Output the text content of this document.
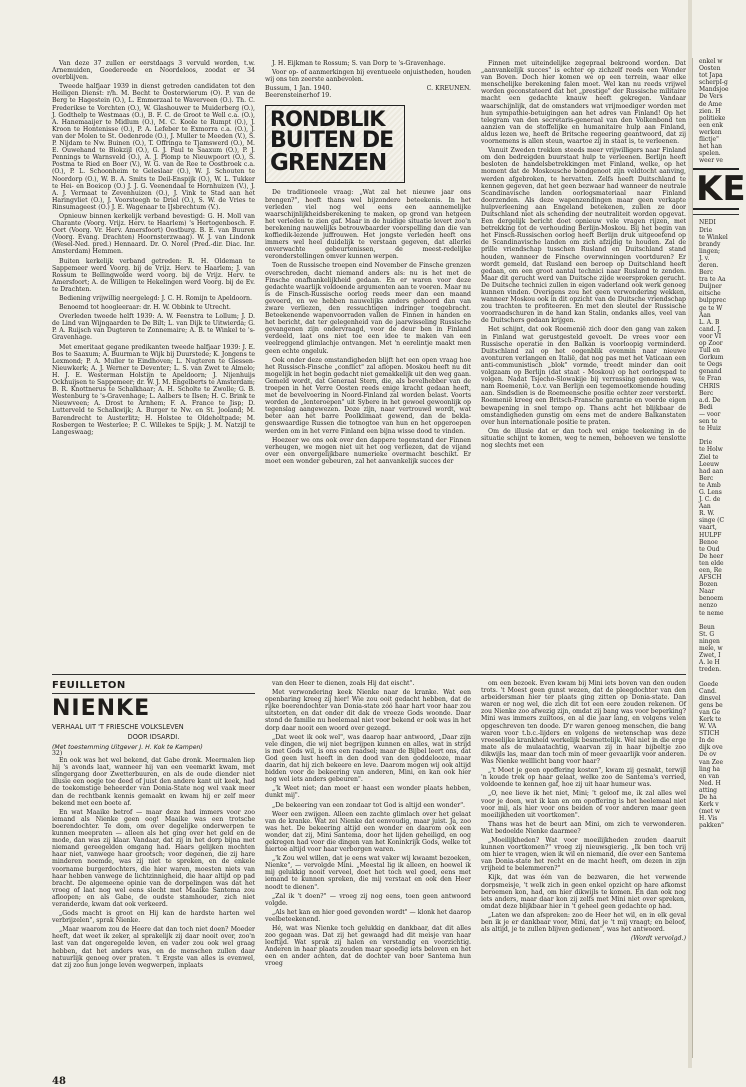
Van deze 37 zullen er eerstdaags 3 vervuld worden, t.w. Arnemuiden, Goedereede en Noordeloos, zoodat er 34 overblijven.

Tweede halfjaar 1939 in dienst getreden candidaten tot den Heiligen Dienst: r/h. M. Becht te Oosterwierum (O). P. van de Berg te Hagestein (O.), L. Emmerzaal te Waverveen (O.). Th. C. Frederikse te Vorchten (O.), W. Glashouwer te Muiderberg (O.), J. Godthelp te Westmaas (O.), B. F. C. de Groot te Well c.a. (O.), A. Hanemaaijer te Midlum (O.), M. C. Koole te Rumpt (O.), J. Kroon te Hontenisse (O.), P. A. Lefeber te Exmorra c.a. (O.), J. van der Molen te St. Oedenrode (O.), J. Muller te Meeden (V.), S. P. Nijdam te Nw. Buinen (O.), T. Offringa te Tjamswerd (O.), M. E. Ouwehand te Biokzijl (O.), G. J. Paul te Saaxum (O.), P. J. Pennings te Warnsveld (O.), A. J. Plomp te Nieuwpoort (O.), S. Postma te Ried en Boer (V.), W. G. van de Ree te Oostbroek c.a. (O.), P. L. Schoonheim te Geleslaar (O.), W. J. Schouten te Noordorp (O.), W. B. A. Smits te Deil-Enspijk (O.), W. L. Tukker te Hei- en Boeicop (O.) J. J. G. Veenendaal te Hornhuizen (V.), J. A. J. Vermaat te Zevenhuizen (O.), J. Vink te Stad aan het Haringvliet (O.), J. Voorsteegh te Driel (O.), S. W. de Vries te Rinsumageest (O.) J. E. Wagenaar te IJsbrechtum (V.).

Opnieuw binnen kerkelijk verband bevestigd: G. H. Moll van Charante (Voorg. Vrijz. Herv. te Haarlem) 's Hertogenbosch. F. Oort (Voorg. Vr. Herv. Amersfoort) Oostburg. B. E. van Buuren (Voorg. Evang. Drachten) Hoornsterzwaag). W. J. van Lindonk (Wesel-Ned. pred.) Hennaard. Dr. O. Norel (Pred.-dir. Diac. Inr. Amsterdam) Hemmen.

Buiten kerkelijk verband getreden: R. H. Oldeman te Sappemeer werd Voorg. bij de Vrijz. Herv. te Haarlem; J. van Rossum te Bellingwolde werd voorg. bij de Vrijz. Herv. te Amersfoort; A. de Willigen te Hekelingen werd Voorg. bij de Ev. te Drachten.

Bediening vrijwillig neergelegd: J. C. H. Romijn te Apeldoorn.

Benoemd tot hoogleeraar: dr. H. W. Obbink te Utrecht.

Overleden tweede helft 1939: A. W. Feenstra te Lollum; J. D. de Lind van Wijngaarden te De Bilt; L. van Dijk te Uitwierda; G. P. A. Ruijsch van Dugteren te Zonnemaire; A. B. te Winkel te 's-Gravenhage.

Met emeritaat gegane predikanten tweede halfjaar 1939: J. E. Bos te Saaxum; A. Buurman te Wijk bij Duurstede; K. Jongens te Lexmond; P. A. Muller te Eindhoven; L. Nugteren te Giessen-Nieuwkerk; A. J. Werner te Deventer; L. S. van Zwet te Almelo; H. J. E. Westerman Holstijn te Apeldoorn; J. Nijenhuijs Ockhuijsen te Sappemeer; dr. W. J. M. Engelberts te Amsterdam; B. R. Knottnerus te Schalkhaar; A. H. Scholte te Zwolle; G. B. Westenburg te 's-Gravenhage; L. Aalbers te Ilsen; H. C. Brink te Nieuwveen; A. Drost te Arnhem; F. A. France te Jisp; D. Lutterveld te Schalkwijk; A. Burger te Nw. en St. Jooland; M. Barendrecht te Austerlitz; H. Holstee te Oldeholtpade; M. Rosbergen te Westerlee; P. C. Willekes te Spijk; J. M. Natzijl te Langeswaag;

J. H. Eijkman te Rossum; S. van Dorp te 's-Gravenhage.

Voor op- of aanmerkingen bij eventueele onjuistheden, houden wij ons ten zeerste aanbevolen.

Bussum, 1 Jan. 1940.	C. KREUNEN.
Beerensteinerhof 19.
RONDBLIK
BUITEN DE
GRENZEN

De traditioneele vraag: „Wat zal het nieuwe jaar ons brengen?", heeft thans wel bijzondere beteekenis. In het verleden viel nog wel eens een aannemelijke waarschijnlijkheidsberekening te maken, op grond van hetgeen het verleden te zien gaf. Maar in de huidige situatie levert zoo'n berekening nauwelijks betrouwbaarder voorspelling dan die van koffiedik-lezende juffrouwen. Het jongste verleden heeft ons immers wel heel duidelijk te verstaan gegeven, dat allerlei onverwachte gebeurtenissen, de meest-redelijke veronderstellingen omver kunnen werpen.

Toen de Russische troepen eind November de Finsche grenzen overschreden, dacht niemand anders als: nu is het met de Finsche onafhankelijkheid gedaan. En er waren voor deze gedachte waarlijk voldoende argumenten aan te voeren. Maar nu is de Finsch-Russische oorlog reeds meer dan een maand gevoerd, en we hebben nauwelijks anders gehoord dan van zware verliezen, den ressuchtigen indringer toegebracht. Beteekenende wapenvoorraden vallen de Finnen in handen en het bericht, dat ter gelegenheid van de jaarwisseling Russische gevangenen zijn ondervraagd, voor de deur ben in Finland verdeeld, laat ons niet toe een idee te maken van een veelreggend glimlachje ontvangen. Met 'n eerelintje maakt men geen echte ongeluk.

Ook onder deze omstandigheden blijft het een open vraag hoe het Russisch-Finsche „conflict" zal aflopen. Moskou heeft nu dit mogelijk in het begin gedacht niet gemakkelijk uit den weg gaan. Gemeld wordt, dat Generaal Stern, die, als bevelhebber van de troepen in het Verre Oosten reeds enige kracht gedaan heeft, met de bevelvoering in Noord-Finland zal worden belast. Voorts worden de „lenteroepen" uit Sybere in het gewoel gewoonlijk op tegenslag aangewezen. Doze zijn, naar vertrouwd wordt, wat beter aan het barre Poolklimaat gewend, dan de bekla-genswaardige Russen die totnogtoe van hun en het opgeroepen werden om in het verre Finland een bijna wisse dood te vinden.

Hoezeer we ons ook over den dappere tegenstand der Finnen verheugen, we mogen niet uit het oog verliezen, dat de vijand over een onvergelijkbare numerieke overmacht beschikt. Er moet een wonder gebeuren, zal het aanvankelijk succes der

Finnen met uiteindelijke zegepraal bekroond worden. Dat „aanvankelijk succes" is echter op zichzelf reeds een Wonder van Boven. Doch hier komen we op een terrein, waar elke menschelijke berekening falen moet. Wel kan nu reeds vrijwel worden geconstateerd dat het „prestige" der Russische militaire macht een gedachte knauw heeft gekregen. Vandaar waarschijnlijk, dat de omstanders wat vrijmoediger worden met hun sympathie-betuigingen aan het adres van Finland! Op het telegram van den secretaris-generaal van den Volkenbond ten aanzien van de stoffelijke en humanitaire hulp aan Finland, aldus lezen we, heeft de Britsche regeering geantwoord, dat zij voornemens is allen steun, waartoe zij in staat is, te verleenen.

Vanuit Zweden trekken steeds meer vrijwilligers naar Finland om den bedreigden buurstaat hulp te verleenen. Berlijn heeft besloten de handelsbetrekkingen met Finland, welke, op het moment dat de Moskousche bondgenoot zijn veldtocht aanving, werden afgebroken, te hervatten. Zelfs heeft Duitschland te kennen gegeven, dat het geen bezwaar had wanneer de neutrale Scandinavische landen oorlogsmateriaal naar Finland doorzenden. Als deze wapenzendingen maar geen verkapte hulpverleening aan Engeland betekenen, zullen ze door Duitschland niet als schending der neutraliteit worden opgevat. Een dergelijk bericht doet opnieuw vele vragen rijzen, met betrekking tot de verhouding Berlijn-Moskou. Bij het begin van het Finsch-Russischen oorlog heeft Berlijn druk uitgeoefend op de Scandinavische landen om zich afzijdig te houden. Zal de prille vriendschap tusschen Rusland en Duitschland stand houden, wanneer de Finsche overwinningen voortduren? Er wordt gemeld, dat Rusland een beroep op Duitschland heeft gedaan, om een groot aantal technici naar Rusland te zenden. Maar dit gerucht werd van Duitsche zijde weersproken gerucht. De Duitsche technici zullen in eigen vaderland ook werk genoeg kunnen vinden. Overigens zou het geen verwondering wekken, wanneer Moskou ook in dit opzicht van de Duitsche vriendschap zou trachten te profiteeren. En met den sleutel der Russische voorraadschuren in de hand kan Stalin, ondanks alles, veel van de Duitschers gedaan krijgen.

Het schijnt, dat ook Roemenië zich door den gang van zaken in Finland wat gerustgesteld gevoelt. De vrees voor een Russische operatie in den Balkan is voorloopig verminderd. Duitschland zal op het oogenblik evenmin naar nieuwe avonturen verlangen en Italië, dat nog pas met het Vaticaan een anti-communistisch „blok" vormde, treedt minder dan ooit volgzaam op Berlijn (dat staat - Moskou) op het oorlogspad te volgen. Nadat Tsjecho-Slowakije bij verrassing genomen was, nam Roemenië, t.o.v. van Berlijn een tegemoetkomende houding aan. Sindsdien is de Roemeensche positie echter zeer versterkt. Roemenië kreeg een Britsch-Fransche garantie en voerde eigen bewapening in snel tempo op. Thans acht het blijkbaar de omstandigheden gunstig om eens met de andere Balkanstaten over hun internationale positie te praten.

Om de illusie dat er dan toch wel enige teekening in de situatie schijnt te komen, weg te nemen, behoeven we tenslotte nog slechts met een

FEUILLETON
NIENKE
VERHAAL UIT 'T FRIESCHE VOLKSLEVEN
DOOR IDSARDI.
(Met toestemming Uitgever J. H. Kok te Kampen)
32)

En ook was het wel bekend, dat Gabe dronk. Meermalen liep hij 's avonds laat, wanneer hij van een veemarkt kwam, met slingergang door Zwetterbuuren, en als de oude diender niet illusie een oogje toe deed of juist den andere kant uit keek, had de toekomstige beheerder van Donia-State nog wel vaak meer dan de rechtbank kennis gemaakt en kwam hij er zelf meer bekend met een boete af.

En wat Maaike betrof — maar deze had immers voor zoo iemand als Nienke geen oog! Maaike was een trotsche boerendochter. Te dom, om over degelijke onderwerpen te kunnen meepraten — alleen als het ging over het geld en de mode, dan was zij klaar. Vandaar, dat zij in het dorp bijna met niemand gereegelden omgang had. Haars gelijken mochten haar niet, vanwege haar grootsch; voor degenen, die zij hare minderen noemde, was zij niet te spreken, en de enkele voorname burgerdochters, die hier waren, moesten niets van haar hebben vanwege de lichtzinnigheid, die haar altijd op pad bracht. De algemeene opinie van de dorpelingen was dat het vroeg of laat nog wel eens slecht met Maaike Santema zou afloopen; en als Gabe, de oudste stamhouder, zich niet veranderde, kwam dat ook verkeerd.

„Gods macht is groot en Hij kan de hardste harten wel verbrijzelen", sprak Nienke.

„Maar waarom zou de Heere dat dan toch niet doen? Moeder heeft, dat weet ik zeker, al sprakelijk zij daar nooit over, zoo'n last van dat ongeregelde leven, en vader zou ook wel graag hebben, dat het anders was, en de menschen zullen daar natuurlijk genoeg over praten. 't Ergste van alles is evenwel, dat zij zoo hun jonge leven wegwerpen, inplaats

van den Heer te dienen, zoals Hij dat eischt".

Met verwondering keek Nienke naar de kranke. Wat een openbaring kreeg zij hier! Wie zou ooit gedacht hebben, dat de rijke boerendochter van Donia-state zóó haar hart voor haar zou uitstorten, en dat onder dit dak de vreeze Gods woonde. Daar stond de familie nu heelemaal niet voor bekend er ook was in het dorp daar nooit een woord over gezegd.

„Dat weet ik ook wel", was daarop haar antwoord, „Daar zijn vele dingen, die wij niet begrijpen kunnen en alles, wat in strijd is met Gods wil, is ons een raadsel; maar de Bijbel leert ons, dat God geen lust heeft in den dood van den goddelooze, maar daarin, dat hij zich bekeere en leve. Daarom mogen wij ook altijd bidden voor de bekeering van anderen, Mini, en kan ook hier nog wel iets anders gebeuren".

„'k Weet niet; dan moet er haast een wonder plaats hebben, dunkt mij".

„De bekeering van een zondaar tot God is altijd een wonder".

Weer een zwijgen. Alleen een zachte glimlach over het gelaat van de kranke. Wat zei Nienke dat eenvoudig, maar juist. Ja, zoo was het. De bekeering altijd een wonder en daarom ook een wonder, dat zij, Mini Santema, door het lijden geheiligd, en oog gekregen had voor die dingen van het Koninkrijk Gods, welke tot hiertoe altijd voor haar verborgen waren.

„'k Zou wel willen, dat je eens wat vaker wij kwaamt bezoeken, Nienke", — vervolgde Mini. „Meestal lig ik alleen, en hoewel ik mij gelukkig nooit verveel, doet het toch wel goed, eens met iemand te kunnen spreken, die mij verstaat en ook den Heer noodt te dienen".

„Zal ik 't doen?" — vroeg zij nog eens, toen geen antwoord volgde.

„Als het kan en hier goed gevonden wordt" — klonk het daarop veelbeteekenend.

Hé, wat was Nienke toch gelukkig en dankbaar, dat dit alles zoo gegaan was. Dat zij het gewaagd had dit meisje van haar leeftijd. Wat sprak zij halen en verstandig en voorzichtig. Anderen in haar plaats zouden maar spoedig iets beloven en het een en ander achten, dat de dochter van boer Santema hun vroeg

om een bezoek. Even kwam bij Mini iets boven van den ouden trots. 't Moest geen gunst wezen, dat de pleegdochter van den arbeidersman hier ter plaats ging zitten op Donia-state. Dan waren er nog wel, die zich dit tot een eere zouden rekenen. Of zou Nienke zoo afwezig zijn, omdat zij bang was voor beperking? Mini was immers zuiltoos, en al die jaar lang, en volgens velen opgeschreven ten doode. D'r waren genoeg menschen, die bang waren voor t.b.c.-lijders en volgens de wetenschap was deze vreeselijke krankheid werkelijk besmettelijk. Wel niet in die erge mate als de mulaatachtig, waarvan zij in haar bijbeltje zoo dikwijls las, maar dan toch min of meer gevaarlijk voor anderen. Was Nienke welllicht bang voor haar?

„'t Moet je geen opoffering kosten", kwam zij gesnakt, terwijl 'n koude trek op haar gelaat, welke zoo de Santema's verried, voldoende te kennen gaf, hoe zij uit haar humeur was.

„O, nee lieve ik het niet, Mini; 't geloof me, ik zal alles wel voor je doen, wat ik kan en om opoffering is het heelemaal niet voor mij, als hier voor ons beiden of voor anderen maar geen moeilijkheden uit voortkomen".

Thans was het de beurt aan Mini, om zich te verwonderen. Wat bedoelde Nienke daarmee?

„Moeilijkheden? Wat voor moeilijkheden zouden daaruit kunnen voortkomen?" vroeg zij nieuwsgierig. „Ik ben toch vrij om hier te vragen, wien ik wil en niemand, die over een Santema van Donia-state het recht en de macht heeft, om dezen in zijn vrijheid te belemmeren?"

Kijk, dat was één van de bezwaren, die het verwende dorpsmeisje, 't welk zich in geen enkel opzicht op hare afkomst beroemen kon, had, om hier dikwijls te komen. En dan ook nog iets anders, maar daar kon zij zelfs met Mini niet over spreken, omdat deze blijkbaar hier in 't geheel geen gedachte op had.

„Laten we dan afspreken: zoo de Heer het wil, en in elk geval ben ik je er dankbaar voor, Mini, dat je 't mij vraagt; en beloof, als altijd, je te zullen blijven gedienen", was het antwoord.

(Wordt vervolgd.)
48
enkel w
Oosten
tot Japa
scherpI-g
Mandsjoe
De Vers
de Ame
zien. H
politieke
een enk
werken
flictje"
het han
spelen.
weer ve
KE
NEDI
Drie
te Winkel
brandy
lingen;
J. v.
deren.
Berc
tra te Aa
Duijner
eitsche
bulpprec
ge te W
Aan
L. A. B
cand. J.
voor VI
op Zoor
Tull en
Gorkum
te Oegs
genand
te Fran
CHRIS
Berc
a.d. De
Bedi
— voor
sen te
te Huiz

Drie
te Holw
Ziel te
Leeuw
had aan
Berc
te Amb
G. Lens
J. C. de
Aan
R. W.
singe (C
vaart,
HULPF
Benoe
te Oud
De heer
ten elde
een, Re
AFSCH
Bozen
Naar
benoem
nenzo
te neme

Beun
St. G
ningen
mele, w
Zwet, I
A. le H
treden.

Goede
Cand.
dinsvel
gens be
van Ge
Kerk te
W. VA
STICH
In de
dijk ove
De ov
van Zee
ling ha
en van
Ned. H
atting
De ha
Kerk v
(met w
H. Vis
pakken"
